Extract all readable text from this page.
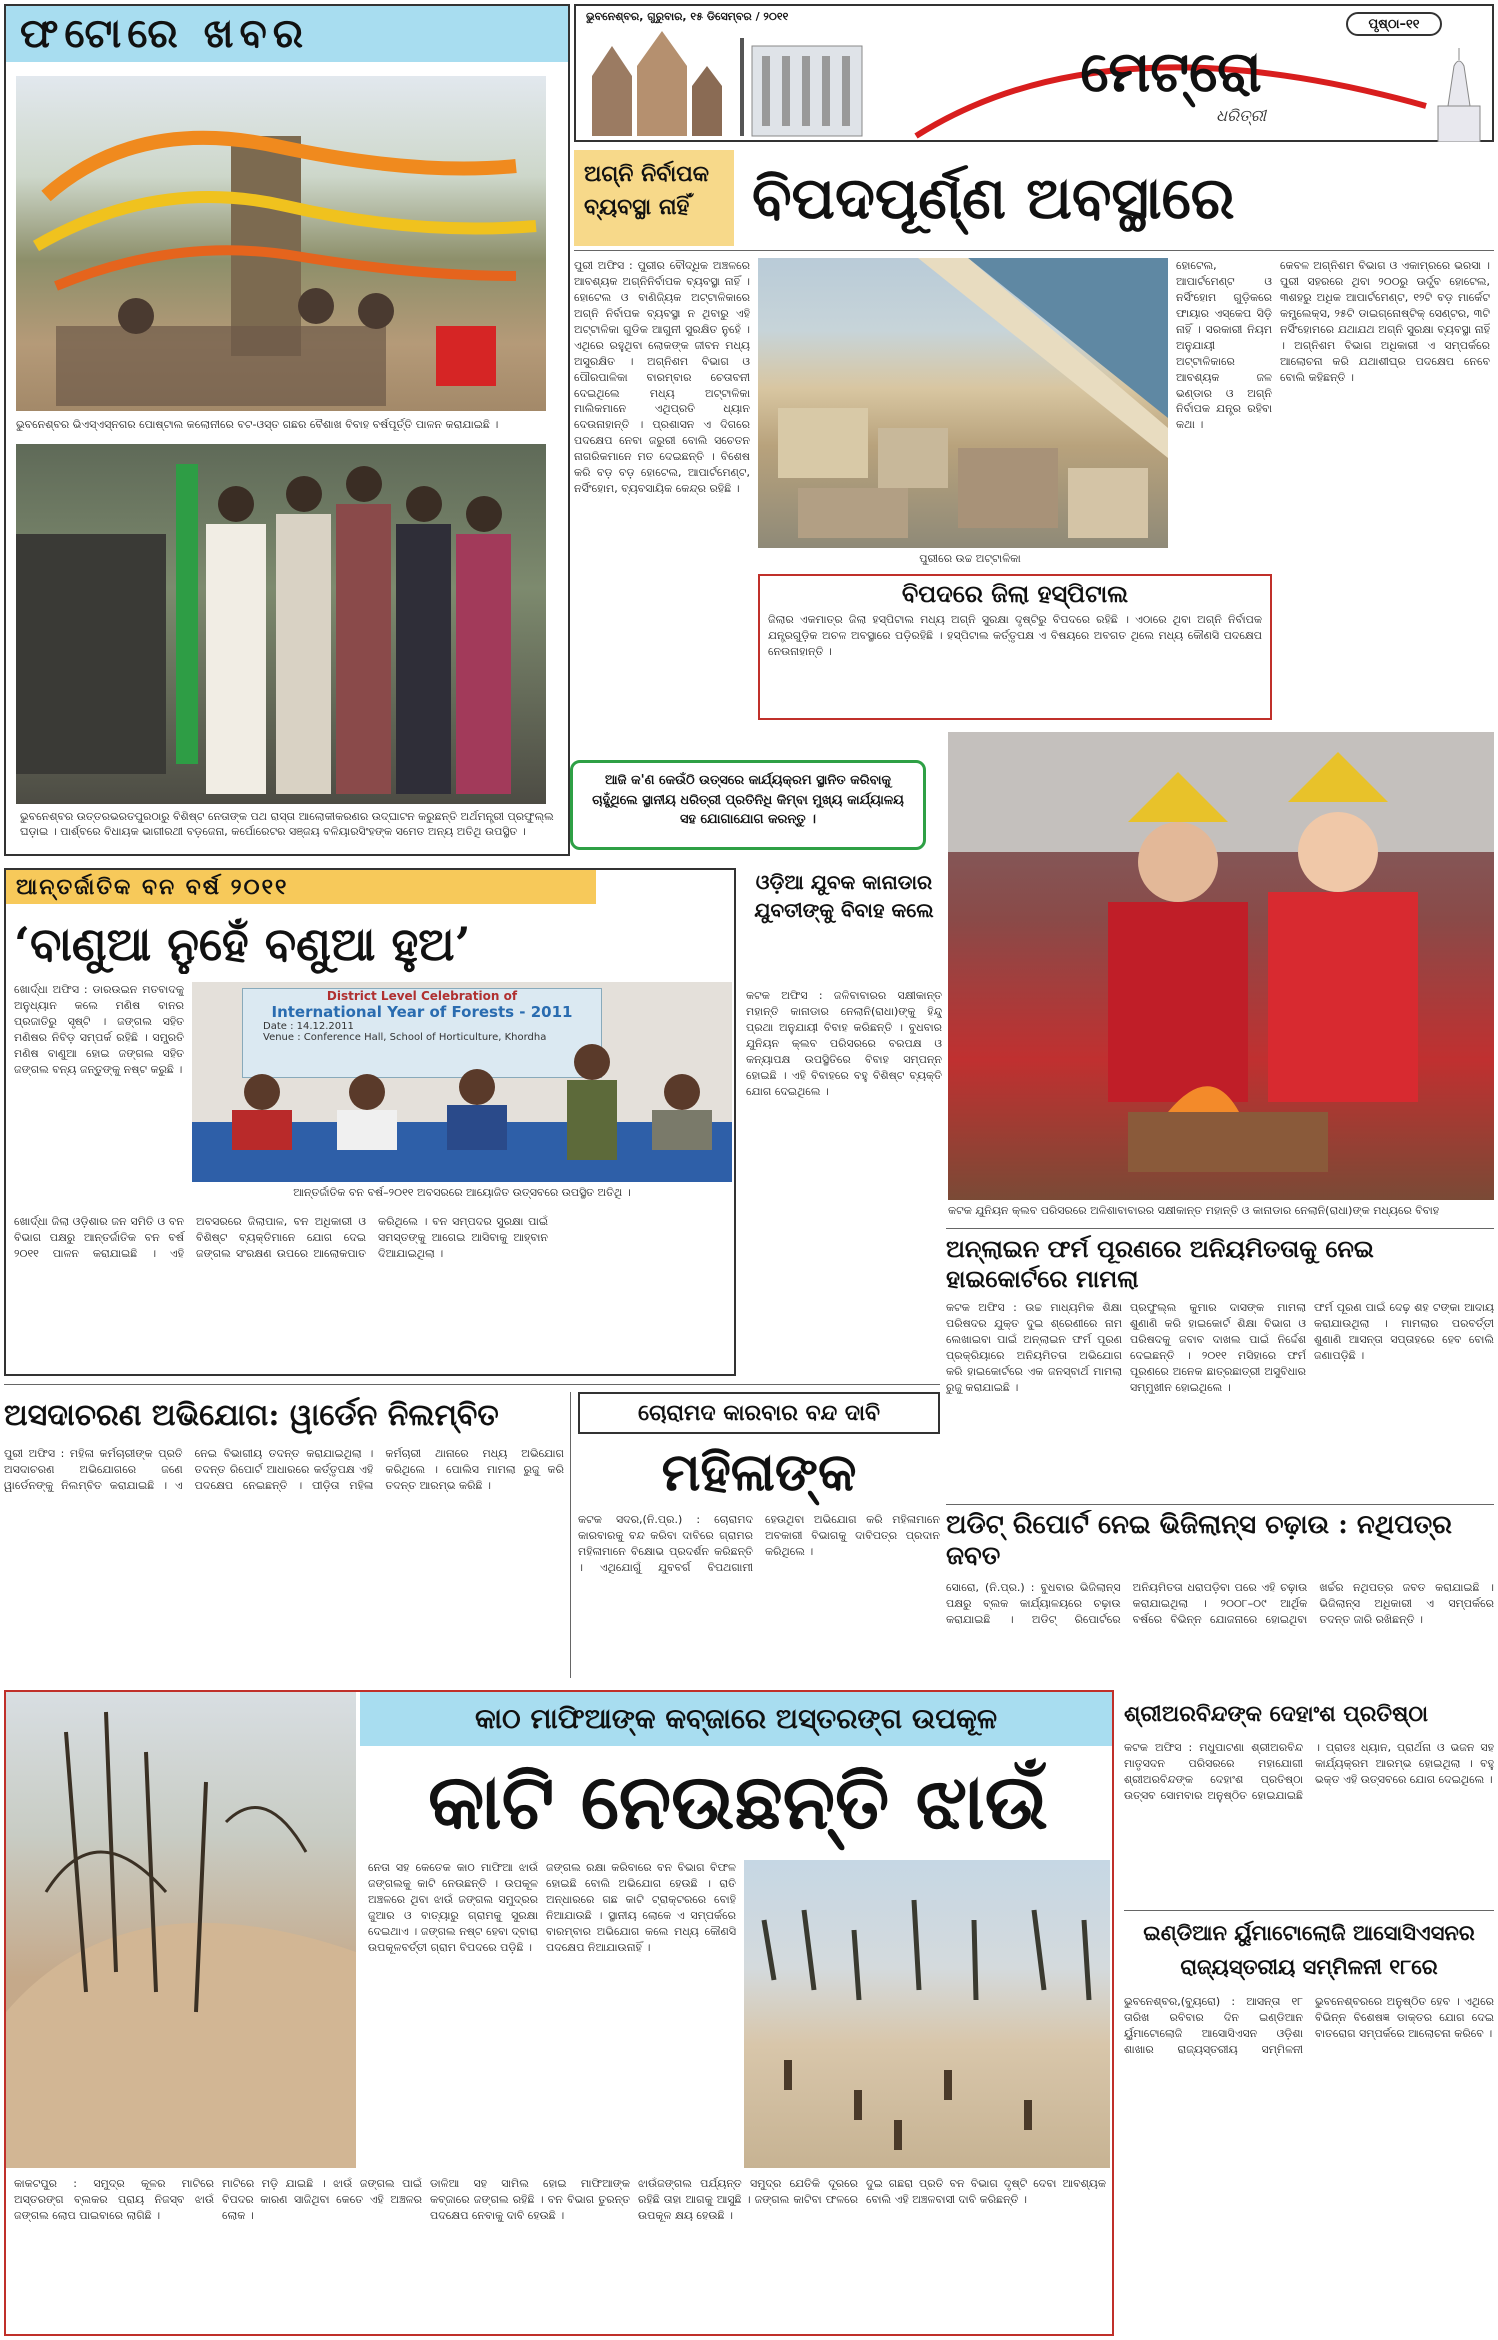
ଫଟୋରେ ଖବର
ଭୁବନେଶ୍ବର ଭିଏସ୍‌ଏସ୍‌ନଗର ପୋଷ୍ଟାଲ କଲୋନୀରେ ବଟ-ଓସ୍ତ ଗଛର ବୈଶାଖ ବିବାହ ବର୍ଷପୂର୍ତ୍ତି ପାଳନ କରାଯାଇଛି ।
ଭୁବନେଶ୍ବର ଉତ୍ତରଭରତପୁରଠାରୁ ବିଶିଷ୍ଟ ନେତାଙ୍କ ପଥ ରାସ୍ତା ଆଲୋକୀକରଣର ଉଦ୍‌ଘାଟନ କରୁଛନ୍ତି ଅର୍ଥମନ୍ତ୍ରୀ ପ୍ରଫୁଲ୍ଲ ଘଡ଼ାଇ । ପାର୍ଶ୍ବରେ ବିଧାୟକ ଭାଗୀରଥୀ ବଡ଼ଜେନା, କର୍ପୋରେଟର ସଞ୍ଜୟ ବଳିୟାରସିଂହଙ୍କ ସମେତ ଅନ୍ୟ ଅତିଥି ଉପସ୍ଥିତ ।
ଭୁବନେଶ୍ବର, ଗୁରୁବାର, ୧୫ ଡିସେମ୍ବର / ୨୦୧୧
ପୃଷ୍ଠା–୧୧
ମେଟ୍ରୋ
ଧରିତ୍ରୀ
ଅଗ୍ନି ନିର୍ବାପକ ବ୍ୟବସ୍ଥା ନାହିଁ	ବିପଦପୂର୍ଣ୍ଣ ଅବସ୍ଥାରେ
ପୁରୀ ଅଫିସ : ପୁରୀର ବୌଦ୍ଧିକ ଅଞ୍ଚଳରେ ଆବଶ୍ୟକ ଅଗ୍ନିନିର୍ବାପକ ବ୍ୟବସ୍ଥା ନାହିଁ । ହୋଟେଲ ଓ ବାଣିଜ୍ୟିକ ଅଟ୍ଟାଳିକାରେ ଅଗ୍ନି ନିର୍ବାପକ ବ୍ୟବସ୍ଥା ନ ଥିବାରୁ ଏହି ଅଟ୍ଟାଳିକା ଗୁଡିକ ଆଗୁନୀ ସୁରକ୍ଷିତ ନୁହେଁ । ଏଥିରେ ରହୁଥିବା ଲୋକଙ୍କ ଜୀବନ ମଧ୍ୟ ଅସୁରକ୍ଷିତ । ଅଗ୍ନିଶମ ବିଭାଗ ଓ ପୌରପାଳିକା ବାରମ୍ବାର ଚେତାବନୀ ଦେଇଥିଲେ ମଧ୍ୟ ଅଟ୍ଟାଳିକା ମାଲିକମାନେ ଏଥିପ୍ରତି ଧ୍ୟାନ ଦେଉନାହାନ୍ତି । ପ୍ରଶାସନ ଏ ଦିଗରେ ପଦକ୍ଷେପ ନେବା ଜରୁରୀ ବୋଲି ସଚେତନ ନାଗରିକମାନେ ମତ ଦେଇଛନ୍ତି । ବିଶେଷ କରି ବଡ଼ ବଡ଼ ହୋଟେଲ, ଆପାର୍ଟମେଣ୍ଟ, ନର୍ସିଂହୋମ, ବ୍ୟବସାୟିକ କେନ୍ଦ୍ର ରହିଛି ।
ପୁରୀରେ ଉଚ୍ଚ ଅଟ୍ଟାଳିକା
ହୋଟେଲ, ଆପାର୍ଟମେଣ୍ଟ ଓ ନର୍ସିଂହୋମ ଗୁଡ଼ିକରେ ଫାୟାର ଏସ୍କେପ ସିଡ଼ି ନାହିଁ । ସରକାରୀ ନିୟମ ଅନୁଯାୟୀ ଅଟ୍ଟାଳିକାରେ ଆବଶ୍ୟକ ଜଳ ଭଣ୍ଡାର ଓ ଅଗ୍ନି ନିର୍ବାପକ ଯନ୍ତ୍ର ରହିବା କଥା ।
କେବଳ ଅଗ୍ନିଶମ ବିଭାଗ ଓ ଏକାମ୍ରରେ ଭରସା । ପୁରୀ ସହରରେ ଥିବା ୨୦୦ରୁ ଊର୍ଦ୍ଧ୍ବ ହୋଟେଲ, ୩ଶହରୁ ଅଧିକ ଆପାର୍ଟମେଣ୍ଟ, ୧୨ଟି ବଡ଼ ମାର୍କେଟ କମ୍ପ୍ଲେକ୍ସ, ୨୫ଟି ଡାଇଗ୍ନୋଷ୍ଟିକ୍ ସେଣ୍ଟର, ୩ଟି ନର୍ସିଂହୋମରେ ଯଥାଯଥ ଅଗ୍ନି ସୁରକ୍ଷା ବ୍ୟବସ୍ଥା ନାହିଁ । ଅଗ୍ନିଶମ ବିଭାଗ ଅଧିକାରୀ ଏ ସମ୍ପର୍କରେ ଆଲୋଚନା କରି ଯଥାଶୀଘ୍ର ପଦକ୍ଷେପ ନେବେ ବୋଲି କହିଛନ୍ତି ।
ବିପଦରେ ଜିଲା ହସ୍ପିଟାଲ
ଜିଲାର ଏକମାତ୍ର ଜିଲା ହସ୍ପିଟାଲ ମଧ୍ୟ ଅଗ୍ନି ସୁରକ୍ଷା ଦୃଷ୍ଟିରୁ ବିପଦରେ ରହିଛି । ଏଠାରେ ଥିବା ଅଗ୍ନି ନିର୍ବାପକ ଯନ୍ତ୍ରଗୁଡ଼ିକ ଅଚଳ ଅବସ୍ଥାରେ ପଡ଼ିରହିଛି । ହସ୍ପିଟାଲ କର୍ତ୍ତୃପକ୍ଷ ଏ ବିଷୟରେ ଅବଗତ ଥିଲେ ମଧ୍ୟ କୌଣସି ପଦକ୍ଷେପ ନେଉନାହାନ୍ତି ।
ଆଜି କ'ଣ କେଉଁଠି ଉତ୍ସରେ କାର୍ଯ୍ୟକ୍ରମ ସ୍ଥାନିତ କରିବାକୁ ଚାହୁଁଥିଲେ ସ୍ଥାନୀୟ ଧରିତ୍ରୀ ପ୍ରତିନିଧି କିମ୍ବା ମୁଖ୍ୟ କାର୍ଯ୍ୟାଳୟ ସହ ଯୋଗାଯୋଗ କରନ୍ତୁ ।
କଟକ ଯୁନିୟନ କ୍ଲବ ପରିସରରେ ଅଳିଶାବାବାରର ସକ୍ଷୀକାନ୍ତ ମହାନ୍ତି ଓ କାନାଡାର ନେଲାନି(ରାଧା)ଙ୍କ ମଧ୍ୟରେ ବିବାହ
ଆନ୍ତର୍ଜାତିକ ବନ ବର୍ଷ ୨୦୧୧
‘ବାଣୁଆ ନୁହେଁ ବଣୁଆ ହୁଅ’
ଖୋର୍ଦ୍ଧା ଅଫିସ : ଡାରଉଇନ ମତବାଦକୁ ଅନୁଧ୍ୟାନ କଲେ ମଣିଷ ବାନର ପ୍ରଜାତିରୁ ସୃଷ୍ଟି । ଜଙ୍ଗଲ ସହିତ ମଣିଷର ନିବିଡ଼ ସମ୍ପର୍କ ରହିଛି । ସମ୍ପ୍ରତି ମଣିଷ ବାଣୁଆ ହୋଇ ଜଙ୍ଗଲ ସହିତ ଜଙ୍ଗଲ ବନ୍ୟ ଜନ୍ତୁଙ୍କୁ ନଷ୍ଟ କରୁଛି ।
District Level Celebration of
International Year of Forests - 2011
Date : 14.12.2011
Venue : Conference Hall, School of Horticulture, Khordha
ଆନ୍ତର୍ଜାତିକ ବନ ବର୍ଷ–୨୦୧୧ ଅବସରରେ ଆୟୋଜିତ ଉତ୍ସବରେ ଉପସ୍ଥିତ ଅତିଥି ।
ଖୋର୍ଦ୍ଧା ଜିଲା ଓଡ଼ିଶାର ଜନ ସମିତି ଓ ବନ ବିଭାଗ ପକ୍ଷରୁ ଆନ୍ତର୍ଜାତିକ ବନ ବର୍ଷ ୨୦୧୧ ପାଳନ କରାଯାଇଛି । ଏହି ଅବସରରେ ଜିଲାପାଳ, ବନ ଅଧିକାରୀ ଓ ବିଶିଷ୍ଟ ବ୍ୟକ୍ତିମାନେ ଯୋଗ ଦେଇ ଜଙ୍ଗଲ ସଂରକ୍ଷଣ ଉପରେ ଆଲୋକପାତ କରିଥିଲେ । ବନ ସମ୍ପଦର ସୁରକ୍ଷା ପାଇଁ ସମସ୍ତଙ୍କୁ ଆଗେଇ ଆସିବାକୁ ଆହ୍ବାନ ଦିଆଯାଇଥିଲା ।
ଓଡ଼ିଆ ଯୁବକ କାନାଡାର ଯୁବତୀଙ୍କୁ ବିବାହ କଲେ
କଟକ ଅଫିସ : ଜଳିବାବାରର ସକ୍ଷୀକାନ୍ତ ମହାନ୍ତି କାନାଡାର ନେଲାନି(ରାଧା)ଙ୍କୁ ହିନ୍ଦୁ ପ୍ରଥା ଅନୁଯାୟୀ ବିବାହ କରିଛନ୍ତି । ବୁଧବାର ଯୁନିୟନ କ୍ଲବ ପରିସରରେ ବରପକ୍ଷ ଓ କନ୍ୟାପକ୍ଷ ଉପସ୍ଥିତିରେ ବିବାହ ସମ୍ପନ୍ନ ହୋଇଛି । ଏହି ବିବାହରେ ବହୁ ବିଶିଷ୍ଟ ବ୍ୟକ୍ତି ଯୋଗ ଦେଇଥିଲେ ।
ଅନ୍‌ଲାଇନ ଫର୍ମ ପୂରଣରେ ଅନିୟମିତତାକୁ ନେଇ ହାଇକୋର୍ଟରେ ମାମଲା
କଟକ ଅଫିସ : ଉଚ୍ଚ ମାଧ୍ୟମିକ ଶିକ୍ଷା ପରିଷଦର ଯୁକ୍ତ ଦୁଇ ଶ୍ରେଣୀରେ ନାମ ଲେଖାଇବା ପାଇଁ ଅନ୍‌ଲାଇନ ଫର୍ମ ପୂରଣ ପ୍ରକ୍ରିୟାରେ ଅନିୟମିତତା ଅଭିଯୋଗ କରି ହାଇକୋର୍ଟରେ ଏକ ଜନସ୍ବାର୍ଥ ମାମଲା ରୁଜୁ କରାଯାଇଛି ।
ପ୍ରଫୁଲ୍ଲ କୁମାର ଦାସଙ୍କ ମାମଲା ଶୁଣାଣି କରି ହାଇକୋର୍ଟ ଶିକ୍ଷା ବିଭାଗ ଓ ପରିଷଦକୁ ଜବାବ ଦାଖଲ ପାଇଁ ନିର୍ଦ୍ଦେଶ ଦେଇଛନ୍ତି । ୨୦୧୧ ମସିହାରେ ଫର୍ମ ପୂରଣରେ ଅନେକ ଛାତ୍ରଛାତ୍ରୀ ଅସୁବିଧାର ସମ୍ମୁଖୀନ ହୋଇଥିଲେ ।
ଫର୍ମ ପୂରଣ ପାଇଁ ଦେଢ଼ ଶହ ଟଙ୍କା ଆଦାୟ କରାଯାଉଥିଲା । ମାମଲାର ପରବର୍ତ୍ତୀ ଶୁଣାଣି ଆସନ୍ତା ସପ୍ତାହରେ ହେବ ବୋଲି ଜଣାପଡ଼ିଛି ।
ଅସଦାଚରଣ ଅଭିଯୋଗ: ୱାର୍ଡେନ ନିଲମ୍ବିତ
ପୁରୀ ଅଫିସ : ମହିଳା କର୍ମଚାରୀଙ୍କ ପ୍ରତି ଅସଦାଚରଣ ଅଭିଯୋଗରେ ଜଣେ ୱାର୍ଡେନଙ୍କୁ ନିଲମ୍ବିତ କରାଯାଇଛି । ଏ ନେଇ ବିଭାଗୀୟ ତଦନ୍ତ କରାଯାଇଥିଲା । ତଦନ୍ତ ରିପୋର୍ଟ ଆଧାରରେ କର୍ତ୍ତୃପକ୍ଷ ଏହି ପଦକ୍ଷେପ ନେଇଛନ୍ତି । ପୀଡ଼ିତା ମହିଳା କର୍ମଚାରୀ ଥାନାରେ ମଧ୍ୟ ଅଭିଯୋଗ କରିଥିଲେ । ପୋଲିସ ମାମଲା ରୁଜୁ କରି ତଦନ୍ତ ଆରମ୍ଭ କରିଛି ।
ଚୋରାମଦ କାରବାର ବନ୍ଦ ଦାବି
ମହିଳାଙ୍କ
କଟକ ସଦର,(ନି.ପ୍ର.) : ଚୋରାମଦ କାରବାରକୁ ବନ୍ଦ କରିବା ଦାବିରେ ଗ୍ରାମର ମହିଳାମାନେ ବିକ୍ଷୋଭ ପ୍ରଦର୍ଶନ କରିଛନ୍ତି । ଏଥିଯୋଗୁଁ ଯୁବବର୍ଗ ବିପଥଗାମୀ ହେଉଥିବା ଅଭିଯୋଗ କରି ମହିଳାମାନେ ଅବକାରୀ ବିଭାଗକୁ ଦାବିପତ୍ର ପ୍ରଦାନ କରିଥିଲେ ।
ଅଡିଟ୍ ରିପୋର୍ଟ ନେଇ ଭିଜିଲାନ୍ସ ଚଢ଼ାଉ : ନଥିପତ୍ର ଜବତ
ସୋରୋ, (ନି.ପ୍ର.) : ବୁଧବାର ଭିଜିଲାନ୍ସ ପକ୍ଷରୁ ବ୍ଲକ କାର୍ଯ୍ୟାଳୟରେ ଚଢ଼ାଉ କରାଯାଇଛି । ଅଡିଟ୍ ରିପୋର୍ଟରେ ଅନିୟମିତତା ଧରାପଡ଼ିବା ପରେ ଏହି ଚଢ଼ାଉ କରାଯାଇଥିଲା । ୨୦୦୮–୦୯ ଆର୍ଥିକ ବର୍ଷରେ ବିଭିନ୍ନ ଯୋଜନାରେ ହୋଇଥିବା ଖର୍ଚ୍ଚର ନଥିପତ୍ର ଜବତ କରାଯାଇଛି । ଭିଜିଲାନ୍ସ ଅଧିକାରୀ ଏ ସମ୍ପର୍କରେ ତଦନ୍ତ ଜାରି ରଖିଛନ୍ତି ।
କାଠ ମାଫିଆଙ୍କ କବ୍‌ଜାରେ ଅସ୍ତରଙ୍ଗ ଉପକୂଳ
କାଟି ନେଉଛନ୍ତି ଝାଉଁ
ନେତା ସହ କେତେକ କାଠ ମାଫିଆ ଝାଉଁ ଜଙ୍ଗଲକୁ କାଟି ନେଉଛନ୍ତି । ଉପକୂଳ ଅଞ୍ଚଳରେ ଥିବା ଝାଉଁ ଜଙ୍ଗଲ ସମୁଦ୍ରର ଜୁଆର ଓ ବାତ୍ୟାରୁ ଗ୍ରାମକୁ ସୁରକ୍ଷା ଦେଇଥାଏ । ଜଙ୍ଗଲ ନଷ୍ଟ ହେବା ଦ୍ବାରା ଉପକୂଳବର୍ତ୍ତୀ ଗ୍ରାମ ବିପଦରେ ପଡ଼ିଛି ।
ଜଙ୍ଗଲ ରକ୍ଷା କରିବାରେ ବନ ବିଭାଗ ବିଫଳ ହୋଇଛି ବୋଲି ଅଭିଯୋଗ ହେଉଛି । ରାତି ଅନ୍ଧାରରେ ଗଛ କାଟି ଟ୍ରାକ୍ଟରରେ ବୋହି ନିଆଯାଉଛି । ସ୍ଥାନୀୟ ଲୋକେ ଏ ସମ୍ପର୍କରେ ବାରମ୍ବାର ଅଭିଯୋଗ କଲେ ମଧ୍ୟ କୌଣସି ପଦକ୍ଷେପ ନିଆଯାଉନାହିଁ ।
କାକଟପୁର : ସମୁଦ୍ର କୂଳର ମାଟିରେ ଅସ୍ତରଙ୍ଗ ବ୍ଲକର ପ୍ରାୟ ନିଜସ୍ବ ଝାଉଁ ଜଙ୍ଗଲ ଲୋପ ପାଇବାରେ ଲାଗିଛି ।
ମାଟିରେ ମଡ଼ି ଯାଇଛି । ଝାଉଁ ଜଙ୍ଗଲ ପାଇଁ ବିପଦର କାରଣ ସାଜିଥିବା କେତେ ଏହି ଅଞ୍ଚଳର ଲୋକ ।
ଡାଳିଆ ସହ ସାମିଲ ହୋଇ ମାଫିଆଙ୍କ କବ୍‌ଜାରେ ଜଙ୍ଗଲ ରହିଛି । ବନ ବିଭାଗ ତୁରନ୍ତ ପଦକ୍ଷେପ ନେବାକୁ ଦାବି ହେଉଛି ।
ଝାଉଁଜଙ୍ଗଲ ପର୍ଯ୍ୟନ୍ତ ସମୁଦ୍ର ଯେତିକି ଦୂରରେ ରହିଛି ତାହା ଆଗକୁ ଆସୁଛି । ଜଙ୍ଗଲ କାଟିବା ଫଳରେ ଉପକୂଳ କ୍ଷୟ ହେଉଛି ।
ଦୁଇ ଗଛରା ପ୍ରତି ବନ ବିଭାଗ ଦୃଷ୍ଟି ଦେବା ଆବଶ୍ୟକ ବୋଲି ଏହି ଅଞ୍ଚଳବାସୀ ଦାବି କରିଛନ୍ତି ।
ଶ୍ରୀଅରବିନ୍ଦଙ୍କ ଦେହାଂଶ ପ୍ରତିଷ୍ଠା
କଟକ ଅଫିସ : ମଧୁପାଟଣା ଶ୍ରୀଅରବିନ୍ଦ ମାତୃସଦନ ପରିସରରେ ମହାଯୋଗୀ ଶ୍ରୀଅରବିନ୍ଦଙ୍କ ଦେହାଂଶ ପ୍ରତିଷ୍ଠା ଉତ୍ସବ ସୋମବାର ଅନୁଷ୍ଠିତ ହୋଇଯାଇଛି । ପ୍ରାତଃ ଧ୍ୟାନ, ପ୍ରାର୍ଥନା ଓ ଭଜନ ସହ କାର୍ଯ୍ୟକ୍ରମ ଆରମ୍ଭ ହୋଇଥିଲା । ବହୁ ଭକ୍ତ ଏହି ଉତ୍ସବରେ ଯୋଗ ଦେଇଥିଲେ ।
ଇଣ୍ଡିଆନ ର୍ୟୁମାଟୋଲୋଜି ଆସୋସିଏସନର ରାଜ୍ୟସ୍ତରୀୟ ସମ୍ମିଳନୀ ୧୮ରେ
ଭୁବନେଶ୍ବର,(ବ୍ୟୁରୋ) : ଆସନ୍ତା ୧୮ ତାରିଖ ରବିବାର ଦିନ ଇଣ୍ଡିଆନ ର୍ୟୁମାଟୋଲୋଜି ଆସୋସିଏସନ ଓଡ଼ିଶା ଶାଖାର ରାଜ୍ୟସ୍ତରୀୟ ସମ୍ମିଳନୀ ଭୁବନେଶ୍ବରରେ ଅନୁଷ୍ଠିତ ହେବ । ଏଥିରେ ବିଭିନ୍ନ ବିଶେଷଜ୍ଞ ଡାକ୍ତର ଯୋଗ ଦେଇ ବାତରୋଗ ସମ୍ପର୍କରେ ଆଲୋଚନା କରିବେ ।
